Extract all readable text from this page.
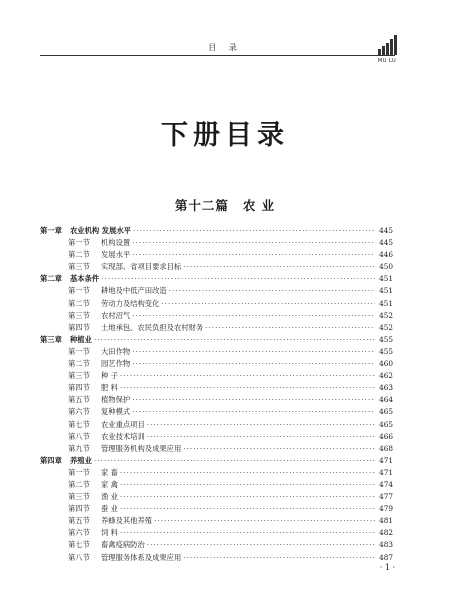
目 录
MU LU
下册目录
第十二篇 农 业
第一章	农业机构 发展水平 ·····	445
第一节	机构设置 ·····	445
第二节	发展水平 ·····	446
第三节	实现部、省项目要求目标 ·····	450
第二章	基本条件 ·····	451
第一节	耕地及中低产田改造 ·····	451
第二节	劳动力及结构变化 ·····	451
第三节	农村沼气 ·····	452
第四节	土地承包、农民负担及农村财务 ·····	452
第三章	种植业 ·····	455
第一节	大田作物 ·····	455
第二节	园艺作物 ·····	460
第三节	种 子 ·····	462
第四节	肥 料 ·····	463
第五节	植物保护 ·····	464
第六节	复种模式 ·····	465
第七节	农业重点项目 ·····	465
第八节	农业技术培训 ·····	466
第九节	管理服务机构及成果应用 ·····	468
第四章	养殖业 ·····	471
第一节	家 畜 ·····	471
第二节	家 禽 ·····	474
第三节	渔 业 ·····	477
第四节	蚕 业 ·····	479
第五节	养蜂及其他养殖 ·····	481
第六节	饲 料 ·····	482
第七节	畜禽疫病防治 ·····	483
第八节	管理服务体系及成果应用 ·····	487
· 1 ·
